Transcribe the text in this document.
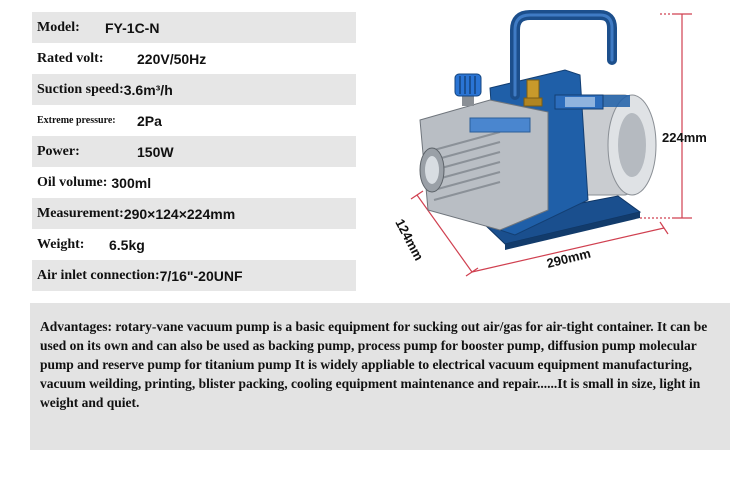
Model:	FY-1C-N
Rated volt:	220V/50Hz
Suction speed: 3.6m³/h
Extreme pressure:	2Pa
Power:	150W
Oil volume: 300ml
Measurement: 290×124×224mm
Weight:	6.5kg
Air inlet connection: 7/16"-20UNF
224mm
124mm	290mm
Advantages: rotary-vane vacuum pump is a basic equipment for sucking out air/gas for air-tight container. It can be used on its own and can also be used as backing pump, process pump for booster pump, diffusion pump molecular pump and reserve pump for titanium pump It is widely appliable to electrical vacuum equipment manufacturing, vacuum weilding, printing, blister packing, cooling equipment maintenance and repair......It is small in size, light in weight and quiet.
